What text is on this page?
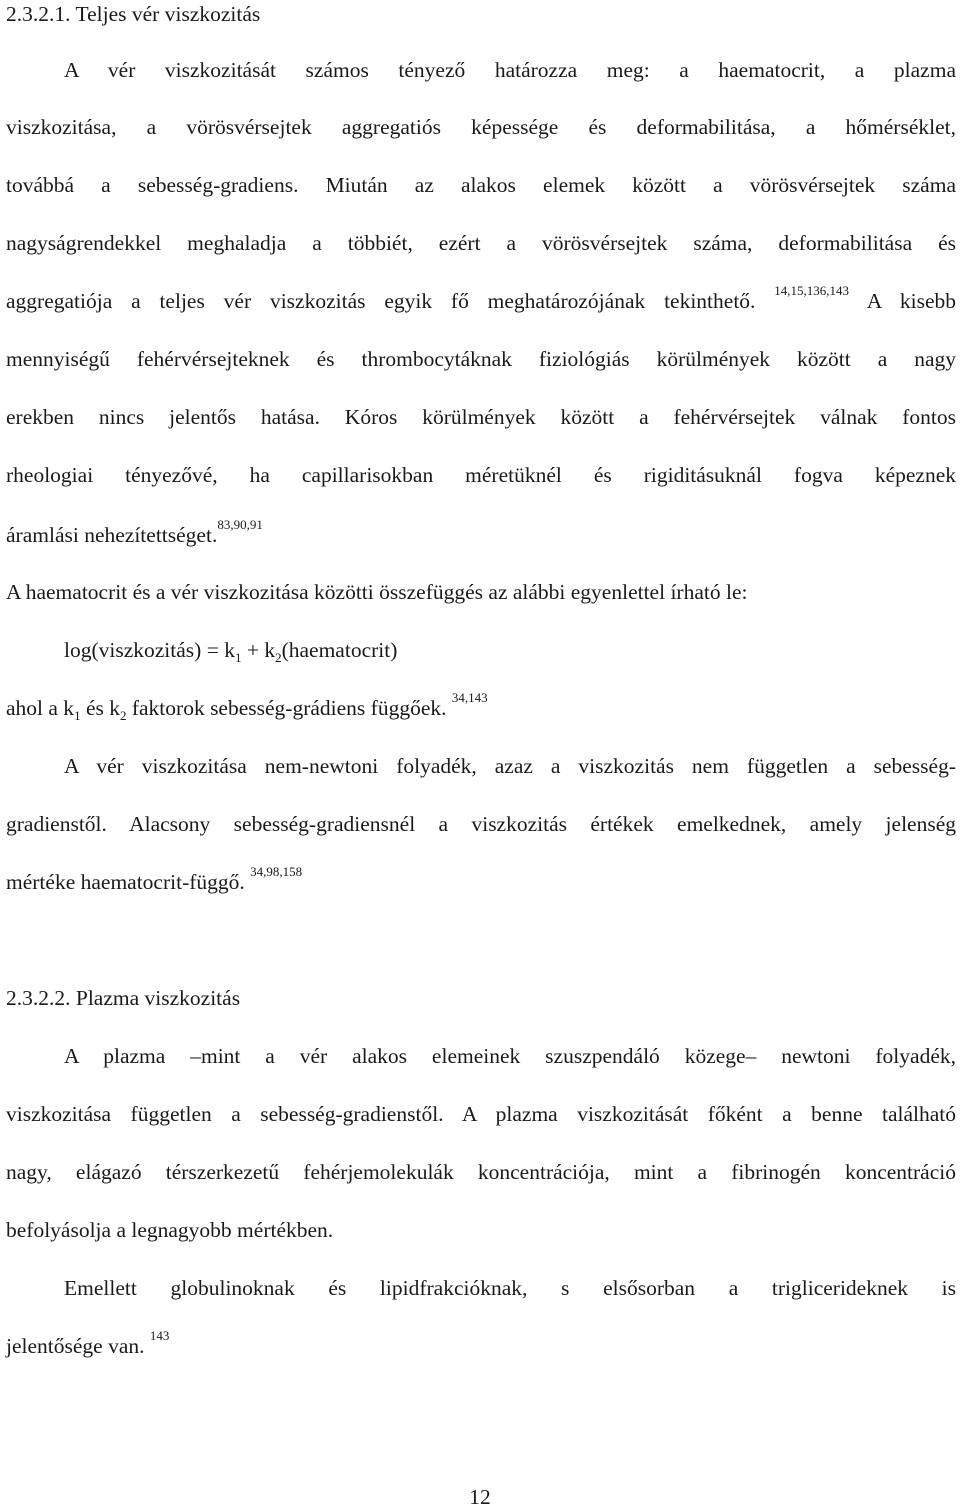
2.3.2.1. Teljes vér viszkozitás
A vér viszkozitását számos tényező határozza meg: a haematocrit, a plazma
viszkozitása, a vörösvérsejtek aggregatiós képessége és deformabilitása, a hőmérséklet,
továbbá a sebesség-gradiens. Miután az alakos elemek között a vörösvérsejtek száma
nagyságrendekkel meghaladja a többiét, ezért a vörösvérsejtek száma, deformabilitása és
aggregatiója a teljes vér viszkozitás egyik fő meghatározójának tekinthető. $^{14,15,136,143}$ A kisebb
mennyiségű fehérvérsejteknek és thrombocytáknak fiziológiás körülmények között a nagy
erekben nincs jelentős hatása. Kóros körülmények között a fehérvérsejtek válnak fontos
rheologiai tényezővé, ha capillarisokban méretüknél és rigiditásuknál fogva képeznek
áramlási nehezítettséget.$^{83,90,91}$
A haematocrit és a vér viszkozitása közötti összefüggés az alábbi egyenlettel írható le:
log(viszkozitás) = $k_1$ + $k_2(haematocrit)$
ahol a $k_1$ és $k_2$ faktorok sebesség-grádiens függőek. $^{34,143}$
A vér viszkozitása nem-newtoni folyadék, azaz a viszkozitás nem független a sebesség-
gradienstől. Alacsony sebesség-gradiensnél a viszkozitás értékek emelkednek, amely jelenség
mértéke haematocrit-függő. $^{34,98,158}$
2.3.2.2. Plazma viszkozitás
A plazma –mint a vér alakos elemeinek szuszpendáló közege– newtoni folyadék,
viszkozitása független a sebesség-gradienstől. A plazma viszkozitását főként a benne található
nagy, elágazó térszerkezetű fehérjemolekulák koncentrációja, mint a fibrinogén koncentráció
befolyásolja a legnagyobb mértékben.
Emellett globulinoknak és lipidfrakcióknak, s elsősorban a triglicerideknek is
jelentősége van. $^{143}$
12
